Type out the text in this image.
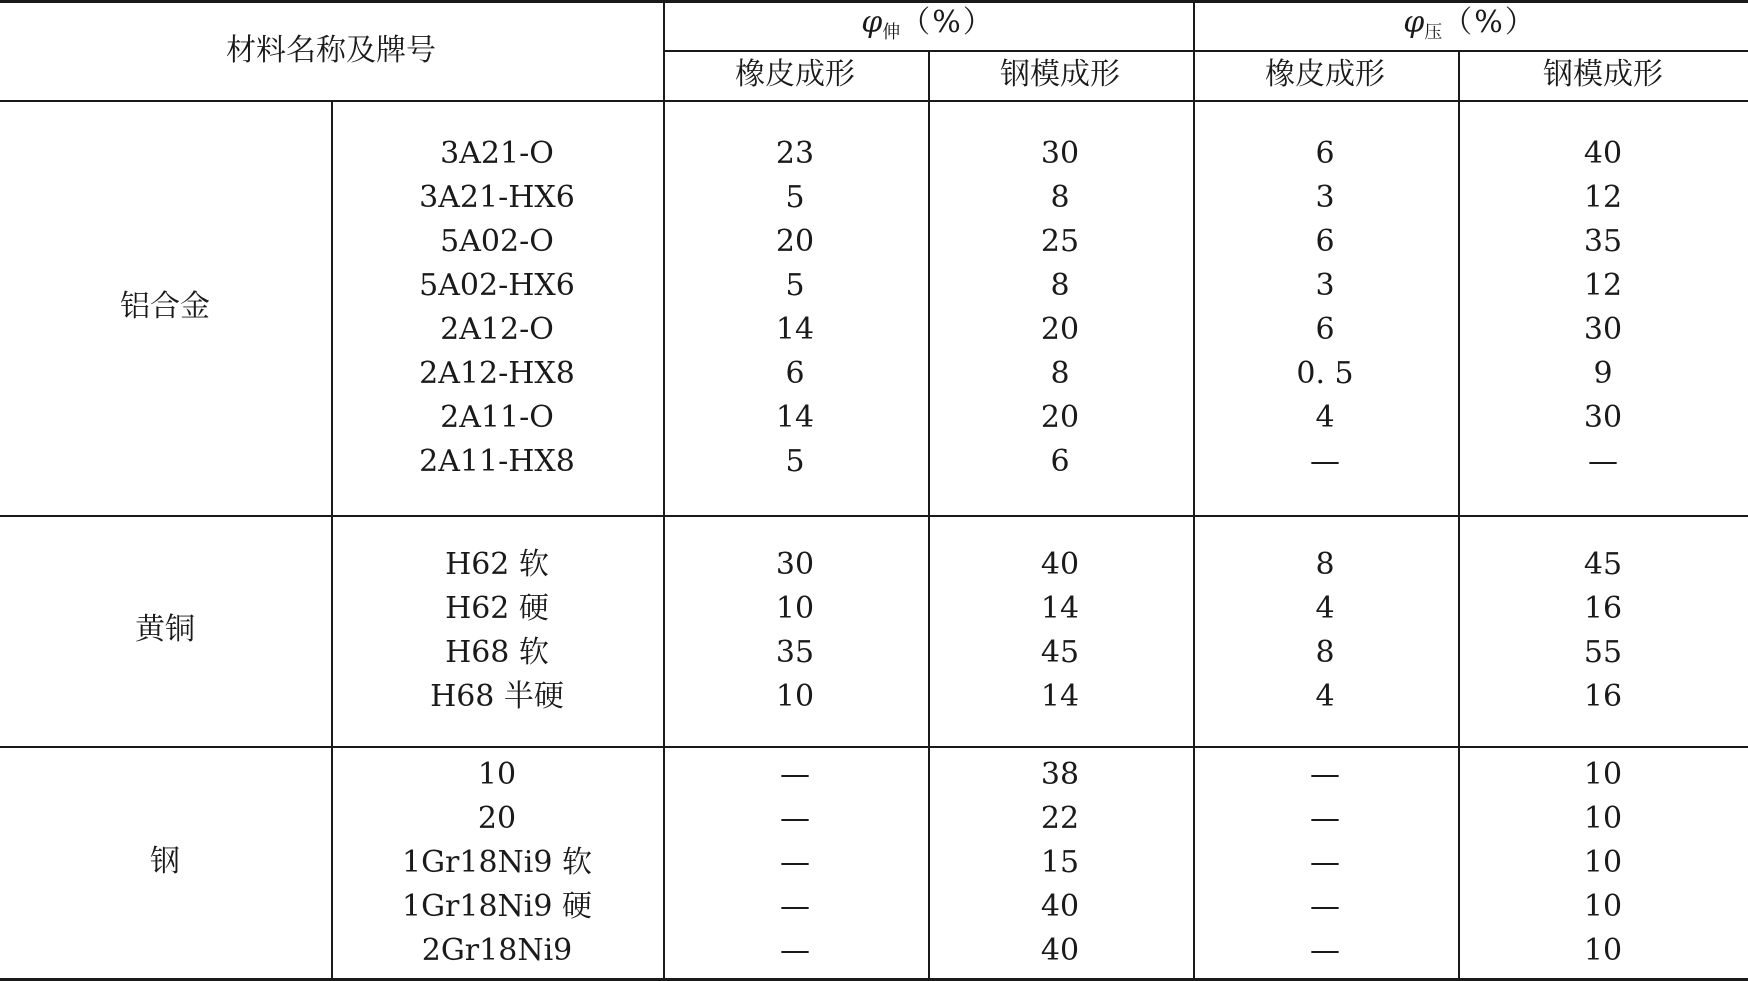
材料名称及牌号
$\varphi_伸(\%)$	$\varphi_压(\%)$
橡皮成形	钢模成形	橡皮成形	钢模成形
铝合金
3A21-O	23	30	6	40
3A21-HX6	5	8	3	12
5A02-O	20	25	6	35
5A02-HX6	5	8	3	12
2A12-O	14	20	6	30
2A12-HX8	6	8	0. 5	9
2A11-O	14	20	4	30
2A11-HX8	5	6	—	—
黄铜
H62 软	30	40	8	45
H62 硬	10	14	4	16
H68 软	35	45	8	55
H68 半硬	10	14	4	16
钢
10	—	38	—	10
20	—	22	—	10
1Gr18Ni9 软	—	15	—	10
1Gr18Ni9 硬	—	40	—	10
2Gr18Ni9	—	40	—	10
